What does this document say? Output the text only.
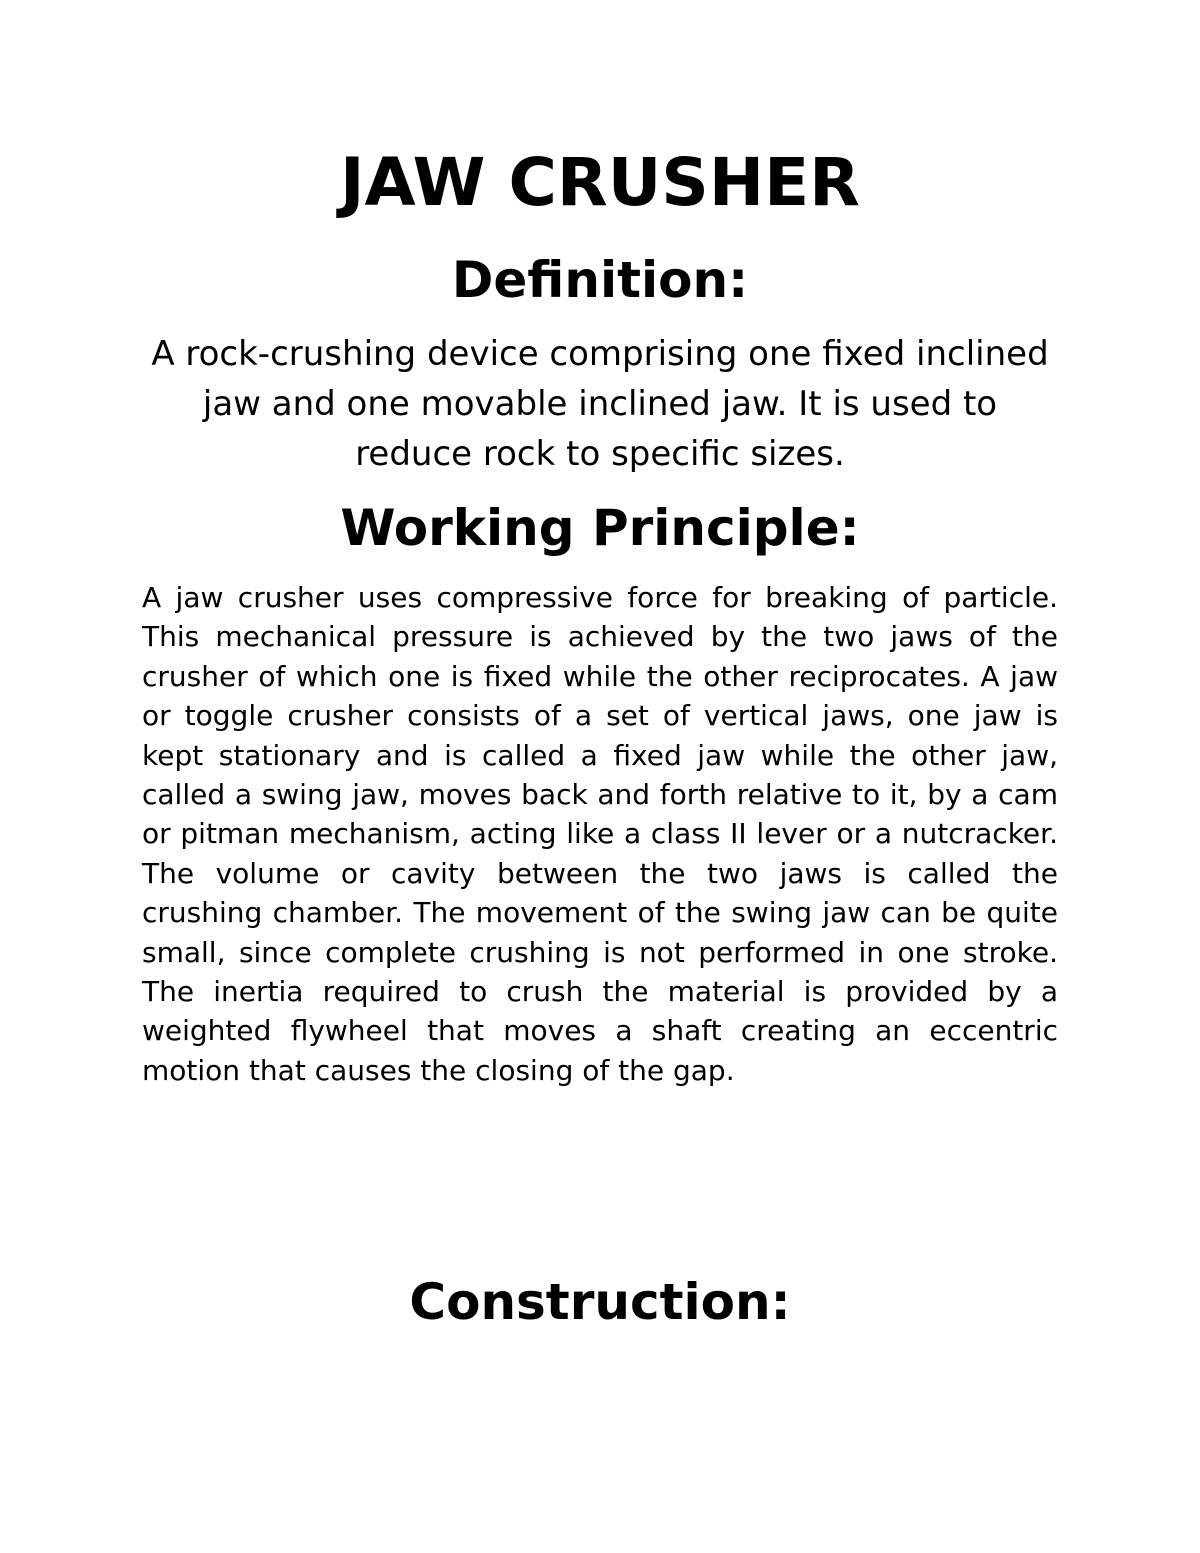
JAW CRUSHER
Definition:

A rock-crushing device comprising one fixed inclined jaw and one movable inclined jaw. It is used to reduce rock to specific sizes.

Working Principle:

A jaw crusher uses compressive force for breaking of particle. This mechanical pressure is achieved by the two jaws of the crusher of which one is fixed while the other reciprocates. A jaw or toggle crusher consists of a set of vertical jaws, one jaw is kept stationary and is called a fixed jaw while the other jaw, called a swing jaw, moves back and forth relative to it, by a cam or pitman mechanism, acting like a class II lever or a nutcracker. The volume or cavity between the two jaws is called the crushing chamber. The movement of the swing jaw can be quite small, since complete crushing is not performed in one stroke. The inertia required to crush the material is provided by a weighted flywheel that moves a shaft creating an eccentric motion that causes the closing of the gap.

Construction:
